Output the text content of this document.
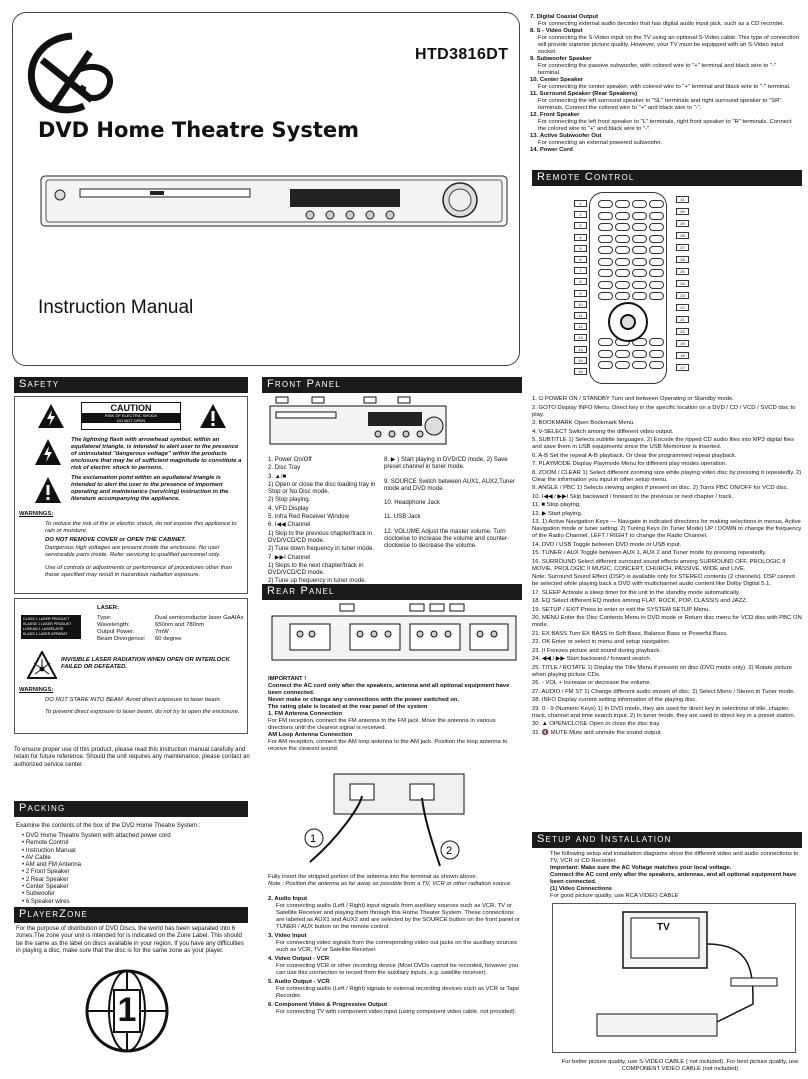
HTD3816DT
DVD Home Theatre System
Instruction Manual
7. Digital Coaxial Output
For connecting external audio decoder that has digital audio input jack, such as a CD recorder.
8. S - Video Output
For connecting the S-Video input on the TV using an optional S-Video cable. This type of connection will provide superior picture quality. However, your TV must be equipped with an S-Video input socket.
9. Subwoofer Speaker
For connecting the passive subwoofer, with colored wire to "+" terminal and black wire to "-" terminal.
10. Center Speaker
For connecting the center speaker, with colored wire to "+" terminal and black wire to "-" terminal.
11. Surround Speaker (Rear Speakers)
For connecting the left surround speaker to "SL" terminals and right surround speaker to "SR" terminals. Connect the colored wire to "+" and black wire to "-".
12. Front Speaker
For connecting the left front speaker to "L" terminals, right front speaker to "R" terminals. Connect the colored wire to "+" and black wire to "-".
13. Active Subwoofer Out
For connecting an external powered subwoofer.
14. Power Cord
Remote Control
Safety	Front Panel
Rear Panel
Packing
PlayerZone
Setup and Installation
1
2
3
4
5
6
7
8
9
10
11
12
13
14
15
16
31
30
29
28
27
26
25
24
23
22
21
20
19
18
17
CAUTION
RISK OF ELECTRIC SHOCK
DO NOT OPEN
The lightning flash with arrowhead symbol, within an equilateral triangle, is intended to alert user to the presence of uninsulated "dangerous voltage" within the products enclosure that may be of sufficient magnitude to constitute a risk of electric shock to persons.
The exclamation point within an equilateral triangle is intended to alert the user to the presence of important operating and maintenance (servicing) instruction in the literature accompanying the appliance.
WARNINGS:
To reduce the risk of fire or electric shock, do not expose this appliance to rain or moisture.
DO NOT REMOVE COVER or OPEN THE CABINET.
Dangerous high voltages are present inside the enclosure. No user serviceable parts inside. Refer servicing to qualified personnel only.
Use of controls or adjustments or performance of procedures other than those specified may result in hazardous radiation exposure.
LASER:
CLASS 1 LASER PRODUCT
KLASSE 1 LASER PRODUKT
LUOKAN 1 LASERLAITE
KLASS 1 LASER APPARAT
Type:
Wavelength:
Output Power:
Beam Divergence:
Dual semiconductor laser GaAIAs
650nm and 780nm
7mW
60 degree
INVISIBLE LASER RADIATION WHEN OPEN OR INTERLOCK FAILED OR DEFEATED.
WARNINGS:
DO NOT STARE INTO BEAM. Avoid direct exposure to laser beam.
To prevent direct exposure to laser beam, do not try to open the enclosure.
To ensure proper use of this product, please read this instruction manual carefully and retain for future reference. Should the unit requires any maintenance, please contact an authorized service center.
Examine the contents of the box of the DVD Home Theatre System :
• DVD Home Theatre System with attached power cord
• Remote Control
• Instruction Manual
• AV Cable
• AM and FM Antenna
• 2 Front Speaker
• 2 Rear Speaker
• Center Speaker
• Subwoofer
• 6 Speaker wires
For the purpose of distribution of DVD Discs, the world has been separated into 6 zones.The zone your unit is intended for is indicated on the Zone Label. This should be the same as the label on discs available in your region. If you have any difficulties in playing a disc, make sure that the disc is for the same zone as your player.
1
1. Power On/Off
2. Disc Tray
3. ▲/■
1) Open or close the disc loading tray in Stop or No Disc mode.
2) Stop playing.
4. VFD Display
5. Infra Red Receiver Window
6. I◀◀ Channel
1) Skip to the previous chapter/track in DVD/VCD/CD mode.
2) Tune down frequency in tuner mode.
7. ▶▶I Channel
1) Skips to the next chapter/track in DVD/VCD/CD mode.
2) Tune up frequency in tuner mode.
8. ▶ ) Start playing in DVD/CD mode, 2) Save preset channel in tuner mode.
9. SOURCE Switch between AUX1, AUX2,Tuner mode and DVD mode.
10. Headphone Jack
11. USB Jack
12. VOLUME Adjust the master volume. Turn clockwise to increase the volume and counter-clockwise to decrease the volume.
IMPORTANT !
Connect the AC cord only after the speakers, antenna and all optional equipment have been connected.
Never make or change any connections with the power switched on.
The rating plate is located at the rear panel of the system
1. FM Antenna Connection
For FM reception, connect the FM antenna to the FM jack. Move the antenna in various directions until the clearest signal is received.
AM Loop Antenna Connection
For AM reception, connect the AM loop antenna to the AM jack. Position the loop antenna to receive the clearest sound.
1
2
Fully insert the stripped portion of the antenna into the terminal as shown above.
Note : Position the antenna as far away as possible from a TV, VCR or other radiation source.
2. Audio Input
For connecting audio (Left / Right) input signals from auxiliary sources such as VCR, TV or Satellite Receiver and playing them through this Home Theater System. These connections are labeled as AUX1 and AUX2 and are selected by the SOURCE button on the front panel or TUNER / AUX button on the remote control.
3. Video Input
For connecting video signals from the corresponding video out jacks on the auxiliary sources such as VCR, TV or Satellite Receiver.
4. Video Output - VCR
For connecting VCR or other recording device (Most DVDs cannot be recorded, however you can use this connection to record from the auxiliary inputs, e.g. satellite receiver).
5. Audio Output - VCR
For connecting audio (Left / Right) signals to external recording devices such as VCR or Tape Recorder.
6. Component Video & Progressive Output
For connecting TV with component video input (using component video cable, not provided).
1. ⏻ POWER ON / STANDBY Turn unit between Operating or Standby mode.
2. GOTO Display INFO Menu. Direct key in the specific location on a DVD / CD / VCD / SVCD disc to play.
3. BOOKMARK Open Bookmark Menu.
4. V-SELECT Switch among the different video output.
5. SUBTITLE 1) Selects subtitle languages. 2) Encode the ripped CD audio files into MP3 digital files and save them in USB equipments since the USB Memorizer is inserted.
6. A-B Set the repeat A-B playback. Or clear the programmed repeat playback.
7. PLAYMODE Display Playmode Menu for different play modes operation.
8. ZOOM / CLEAR 1) Select different zooming size while playing video disc by pressing it repeatedly. 2) Clear the information you input in other setup menu.
9. ANGLE / PBC 1) Selects viewing angles if present on disc. 2) Turns PBC ON/OFF for VCD disc.
10. I◀◀ / ▶▶I Skip backward / forward to the previous or next chapter / track.
11. ■ Stop playing.
12. ▶ Start playing.
13. 1) Active Navigation Keys — Navigate in indicated directions for making selections in menus, Active Navigation mode or tuner setting. 2) Tuning Keys (In Tuner Mode) UP / DOWN to change the frequency of the Radio Channel. LEFT / RIGHT to change the Radio Channel.
14. DVD / USB Toggle between DVD mode or USB input.
15. TUNER / AUX Toggle between AUX 1, AUX 2 and Tuner mode by pressing repeatedly.
16. SURROUND Select different surround sound effects among SURROUND OFF, PROLOGIC II MOVIE, PROLOGIC II MUSIC, CONCERT, CHURCH, PASSIVE, WIDE and LIVE.
Note: Surround Sound Effect (DSP) is available only for STEREO contents (2 channels). DSP cannot be selected while playing back a DVD with multichannel audio content like Dolby Digital 5.1.
17. SLEEP Activate a sleep timer for the unit to the standby mode automatically.
18. EQ Select different EQ modes among FLAT, ROCK, POP, CLASSIS and JAZZ.
19. SETUP / EXIT Press to enter or exit the SYSTEM SETUP Menu.
20. MENU Enter the Disc Contents Menu in DVD mode or Return disc menu for VCD disc with PBC ON mode.
21. EX BASS Turn EX BASS to Soft Bass, Balance Bass or Powerful Bass.
22. OK Enter or select in menu and setup navigation.
23. II Freezes picture and sound during playback.
24. ◀◀ / ▶▶ Start backward / forward search.
25. TITLE / ROTATE 1) Display the Title Menu if present on disc (DVD mode only). 2) Rotate picture when playing picture CDs.
26. - VOL + Increase or decrease the volume.
27. AUDIO / FM ST 1) Change different audio stream of disc. 2) Select Mono / Stereo in Tuner mode.
28. INFO Display current setting information of the playing disc.
29. 0 - 9 (Numeric Keys) 1) In DVD mode, they are used for direct key in selections of title, chapter, track, channel and time search input. 2) In tuner mode, they are used to direct key in a preset station.
30. ▲ OPEN/CLOSE Open or close the disc tray.
31. 🔇 MUTE Mute and unmute the sound output.
The following setup and installation diagrams show the different video and audio connections to TV, VCR or CD Recorder.
Important: Make sure the AC Voltage matches your local voltage.
Connect the AC cord only after the speakers, antennas, and all optional equipment have been connected.
(1) Video Connections
For good picture quality, use RCA VIDEO CABLE
TV
For better picture quality, use S-VIDEO CABLE ( not included). For best picture quality, use COMPONENT VIDEO CABLE (not included)
